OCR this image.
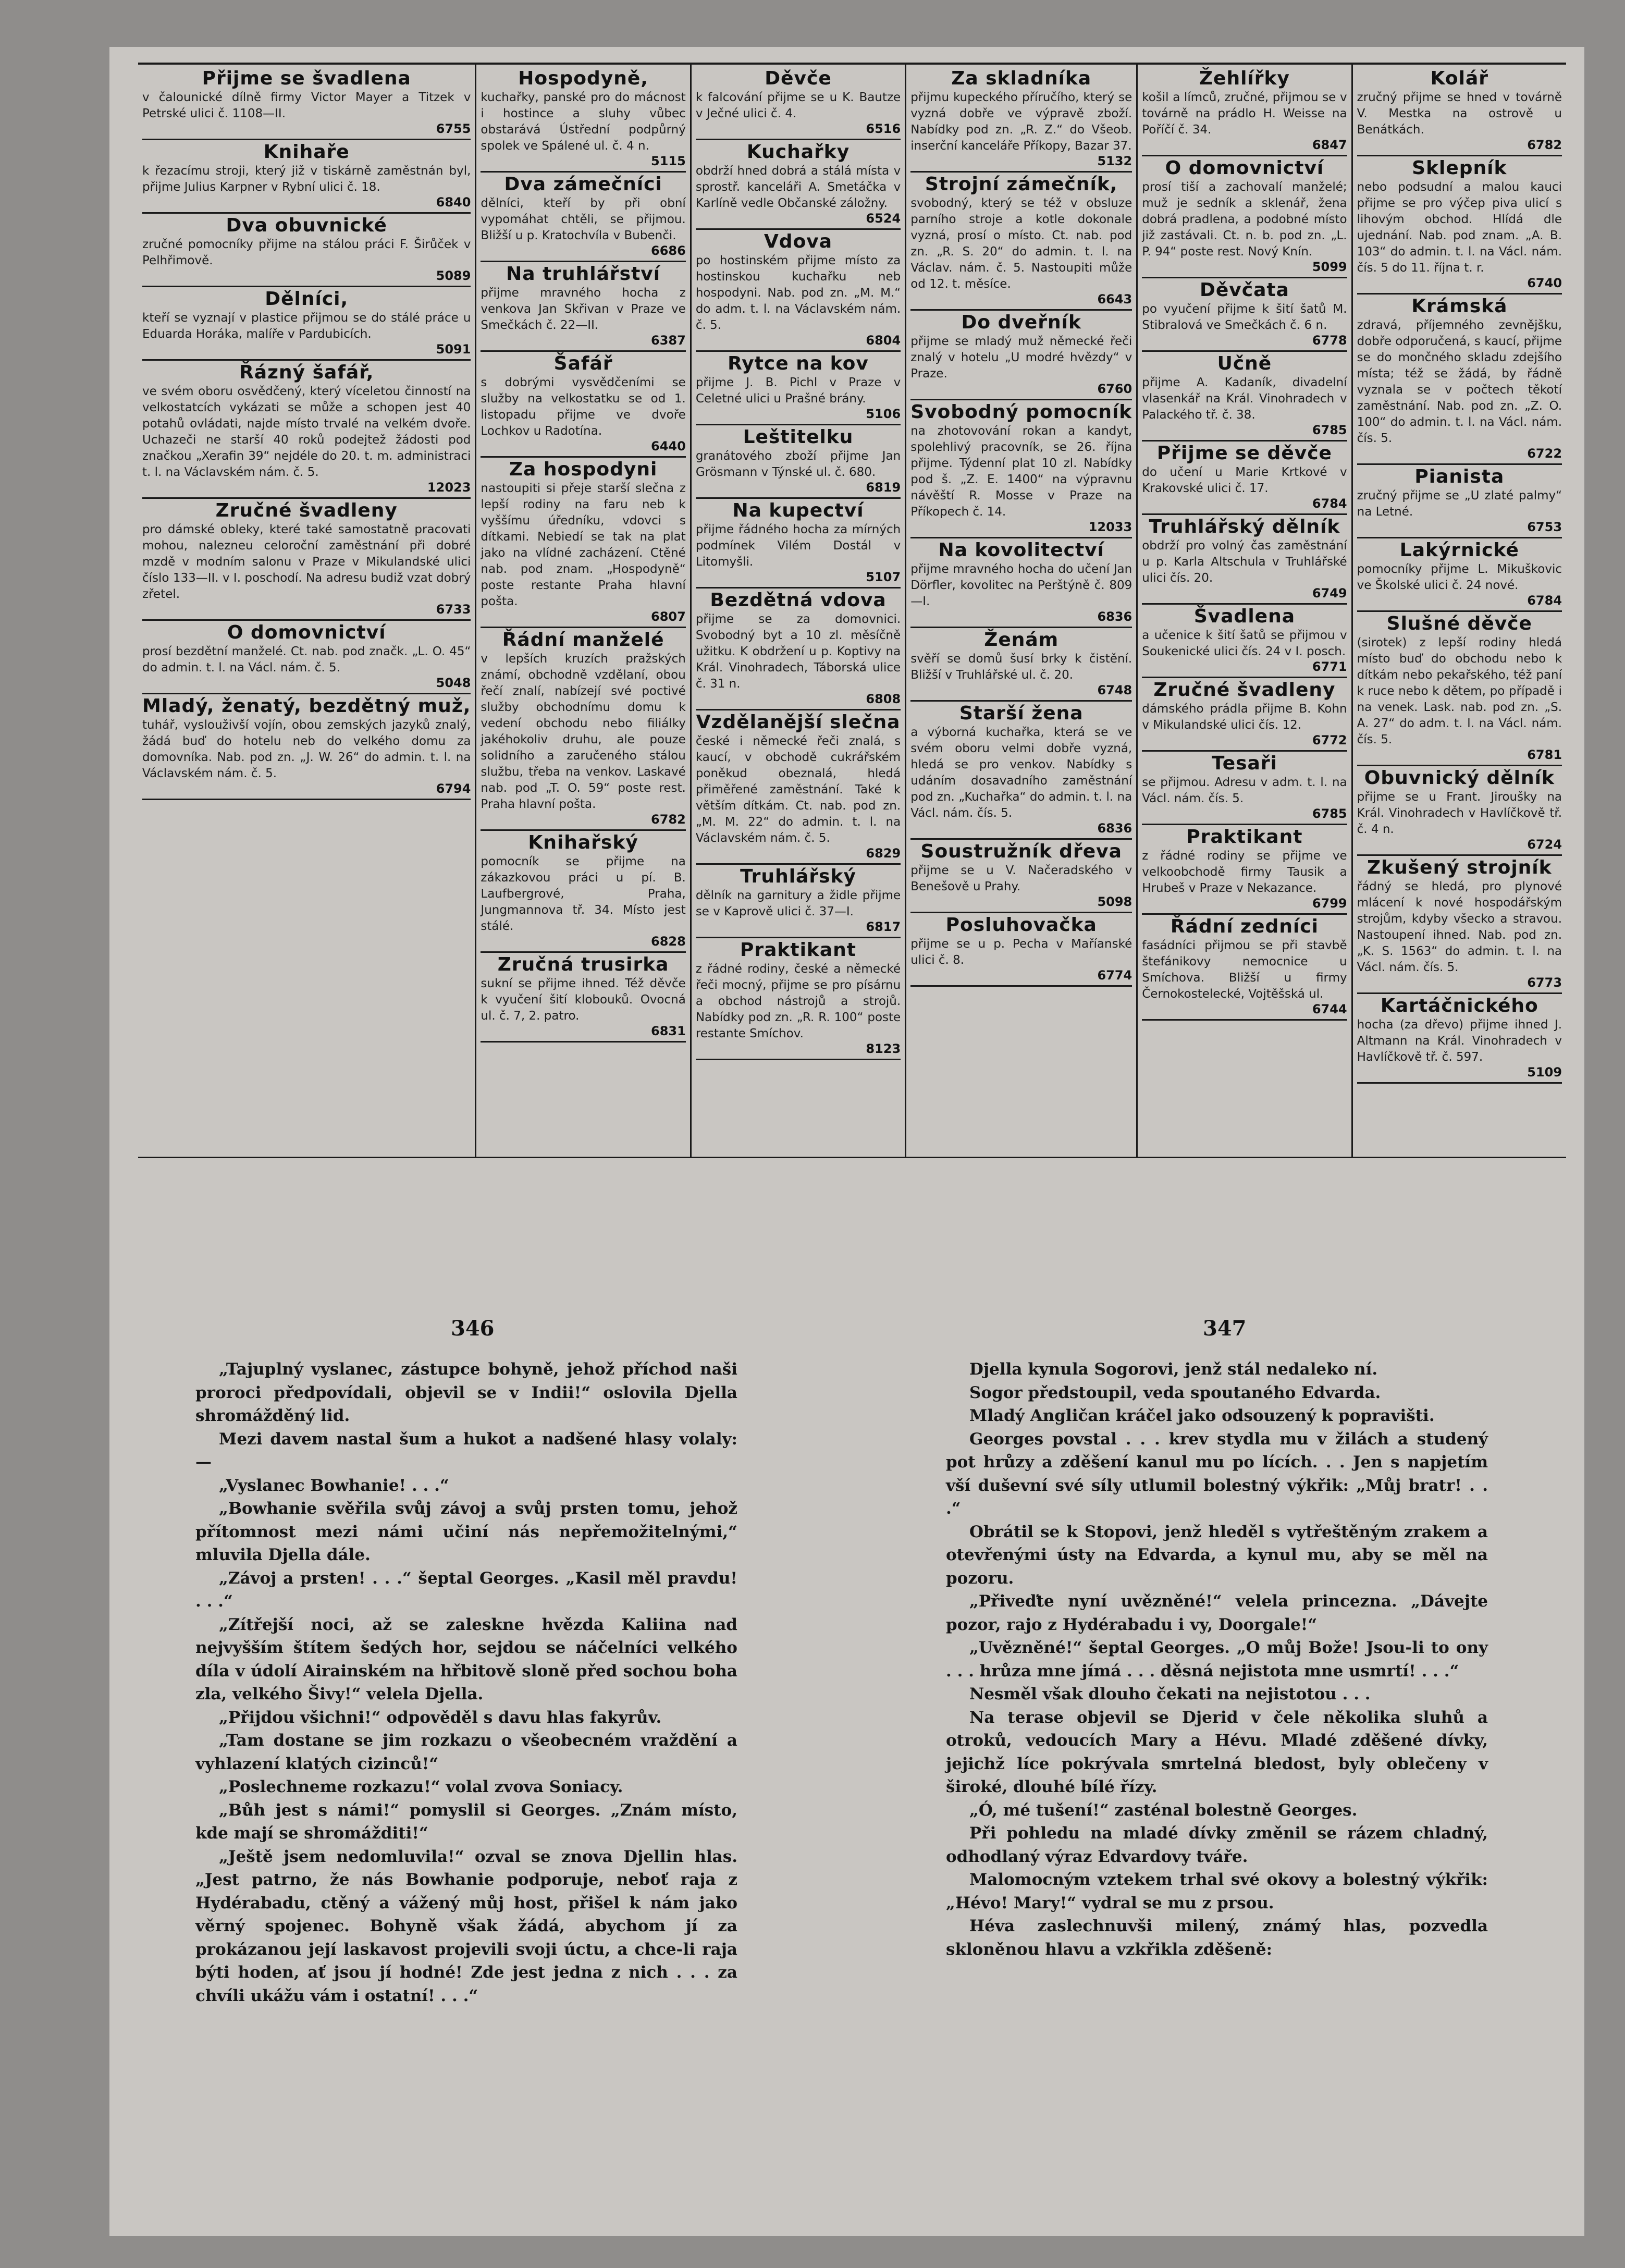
Přijme se švadlena

v čalounické dílně firmy Victor Mayer a Titzek v Petrské ulici č. 1108—II.

6755
Knihaře

k řezacímu stroji, který již v tiskárně zaměstnán byl, přijme Julius Karpner v Rybní ulici č. 18.

6840
Dva obuvnické

zručné pomocníky přijme na stálou práci F. Širůček v Pelhřimově.

5089
Dělníci,

kteří se vyznají v plastice přijmou se do stálé práce u Eduarda Horáka, malíře v Pardubicích.

5091
Řázný šafář,

ve svém oboru osvědčený, který víceletou činností na velkostatcích vykázati se může a schopen jest 40 potahů ovládati, najde místo trvalé na velkém dvoře. Uchazeči ne starší 40 roků podejtež žádosti pod značkou „Xerafin 39“ nejdéle do 20. t. m. administraci t. l. na Václavském nám. č. 5.

12023
Zručné švadleny

pro dámské obleky, které také samostatně pracovati mohou, nalezneu celoroční zaměstnání při dobré mzdě v modním salonu v Praze v Mikulandské ulici číslo 133—II. v I. poschodí. Na adresu budiž vzat dobrý zřetel.

6733
O domovnictví

prosí bezdětní manželé. Ct. nab. pod značk. „L. O. 45“ do admin. t. l. na Václ. nám. č. 5.

5048
Mladý, ženatý, bezdětný muž,

tuhář, vyslouživší vojín, obou zemských jazyků znalý, žádá buď do hotelu neb do velkého domu za domovníka. Nab. pod zn. „J. W. 26“ do admin. t. l. na Václavském nám. č. 5.

6794
Hospodyně,

kuchařky, panské pro do mácnost i hostince a sluhy vůbec obstarává Ústřední podpůrný spolek ve Spálené ul. č. 4 n.

5115
Dva zámečníci

dělníci, kteří by při obní vypomáhat chtěli, se přijmou. Bližší u p. Kratochvíla v Bubenči.

6686
Na truhlářství

přijme mravného hocha z venkova Jan Skřivan v Praze ve Smečkách č. 22—II.

6387
Šafář

s dobrými vysvědčeními se služby na velkostatku se od 1. listopadu přijme ve dvoře Lochkov u Radotína.

6440
Za hospodyni

nastoupiti si přeje starší slečna z lepší rodiny na faru neb k vyššímu úředníku, vdovci s dítkami. Nebiedí se tak na plat jako na vlídné zacházení. Ctěné nab. pod znam. „Hospodyně“ poste restante Praha hlavní pošta.

6807
Řádní manželé

v lepších kruzích pražských známí, obchodně vzdělaní, obou řečí znalí, nabízejí své poctivé služby obchodnímu domu k vedení obchodu nebo filiálky jakéhokoliv druhu, ale pouze solidního a zaručeného stálou službu, třeba na venkov. Laskavé nab. pod „T. O. 59“ poste rest. Praha hlavní pošta.

6782
Knihařský

pomocník se přijme na zákazkovou práci u pí. B. Laufbergrové, Praha, Jungmannova tř. 34. Místo jest stálé.

6828
Zručná trusirka

sukní se přijme ihned. Též děvče k vyučení šití klobouků. Ovocná ul. č. 7, 2. patro.

6831
Děvče

k falcování přijme se u K. Bautze v Ječné ulici č. 4.

6516
Kuchařky

obdrží hned dobrá a stálá místa v sprostř. kanceláři A. Smetáčka v Karlíně vedle Občanské záložny.

6524
Vdova

po hostinském přijme místo za hostinskou kuchařku neb hospodyni. Nab. pod zn. „M. M.“ do adm. t. l. na Václavském nám. č. 5.

6804
Rytce na kov

přijme J. B. Pichl v Praze v Celetné ulici u Prašné brány.

5106
Leštitelku

granátového zboží přijme Jan Grösmann v Týnské ul. č. 680.

6819
Na kupectví

přijme řádného hocha za mírných podmínek Vilém Dostál v Litomyšli.

5107
Bezdětná vdova

přijme se za domovnici. Svobodný byt a 10 zl. měsíčně užitku. K obdržení u p. Koptivy na Král. Vinohradech, Táborská ulice č. 31 n.

6808
Vzdělanější slečna

české i německé řeči znalá, s kaucí, v obchodě cukrářském poněkud obeznalá, hledá přiměřené zaměstnání. Také k větším dítkám. Ct. nab. pod zn. „M. M. 22“ do admin. t. l. na Václavském nám. č. 5.

6829
Truhlářský

dělník na garnitury a židle přijme se v Kaprově ulici č. 37—I.

6817
Praktikant

z řádné rodiny, české a německé řeči mocný, přijme se pro písárnu a obchod nástrojů a strojů. Nabídky pod zn. „R. R. 100“ poste restante Smíchov.

8123
Za skladníka

přijmu kupeckého příručího, který se vyzná dobře ve výpravě zboží. Nabídky pod zn. „R. Z.“ do Všeob. inserční kanceláře Příkopy, Bazar 37.

5132
Strojní zámečník,

svobodný, který se též v obsluze parního stroje a kotle dokonale vyzná, prosí o místo. Ct. nab. pod zn. „R. S. 20“ do admin. t. l. na Václav. nám. č. 5. Nastoupiti může od 12. t. měsíce.

6643
Do dveřník

přijme se mladý muž německé řeči znalý v hotelu „U modré hvězdy“ v Praze.

6760
Svobodný pomocník

na zhotovování rokan a kandyt, spolehlivý pracovník, se 26. října přijme. Týdenní plat 10 zl. Nabídky pod š. „Z. E. 1400“ na výpravnu návěští R. Mosse v Praze na Příkopech č. 14.

12033
Na kovolitectví

přijme mravného hocha do učení Jan Dörfler, kovolitec na Perštýně č. 809—I.

6836
Ženám

svěří se domů šusí brky k čistění. Bližší v Truhlářské ul. č. 20.

6748
Starší žena

a výborná kuchařka, která se ve svém oboru velmi dobře vyzná, hledá se pro venkov. Nabídky s udáním dosavadního zaměstnání pod zn. „Kuchařka“ do admin. t. l. na Václ. nám. čís. 5.

6836
Soustružník dřeva

přijme se u V. Načeradského v Benešově u Prahy.

5098
Posluhovačka

přijme se u p. Pecha v Maříanské ulici č. 8.

6774
Žehlířky

košil a límců, zručné, přijmou se v továrně na prádlo H. Weisse na Poříčí č. 34.

6847
O domovnictví

prosí tiší a zachovalí manželé; muž je sedník a sklenář, žena dobrá pradlena, a podobné místo již zastávali. Ct. n. b. pod zn. „L. P. 94“ poste rest. Nový Knín.

5099
Děvčata

po vyučení přijme k šití šatů M. Stibralová ve Smečkách č. 6 n.

6778
Učně

přijme A. Kadaník, divadelní vlasenkář na Král. Vinohradech v Palackého tř. č. 38.

6785
Přijme se děvče

do učení u Marie Krtkové v Krakovské ulici č. 17.

6784
Truhlářský dělník

obdrží pro volný čas zaměstnání u p. Karla Altschula v Truhlářské ulici čís. 20.

6749
Švadlena

a učenice k šití šatů se přijmou v Soukenické ulici čís. 24 v I. posch.

6771
Zručné švadleny

dámského prádla přijme B. Kohn v Mikulandské ulici čís. 12.

6772
Tesaři

se přijmou. Adresu v adm. t. l. na Václ. nám. čís. 5.

6785
Praktikant

z řádné rodiny se přijme ve velkoobchodě firmy Tausik a Hrubeš v Praze v Nekazance.

6799
Řádní zedníci

fasádníci přijmou se při stavbě štefánikovy nemocnice u Smíchova. Bližší u firmy Černokostelecké, Vojtěšská ul.

6744
Kolář

zručný přijme se hned v továrně V. Mestka na ostrově u Benátkách.

6782
Sklepník

nebo podsudní a malou kauci přijme se pro výčep piva ulicí s lihovým obchod. Hlídá dle ujednání. Nab. pod znam. „A. B. 103“ do admin. t. l. na Václ. nám. čís. 5 do 11. října t. r.

6740
Krámská

zdravá, příjemného zevnějšku, dobře odporučená, s kaucí, přijme se do mončného skladu zdejšího místa; též se žádá, by řádně vyznala se v počtech těkotí zaměstnání. Nab. pod zn. „Z. O. 100“ do admin. t. l. na Václ. nám. čís. 5.

6722
Pianista

zručný přijme se „U zlaté palmy“ na Letné.

6753
Lakýrnické

pomocníky přijme L. Mikuškovic ve Školské ulici č. 24 nové.

6784
Slušné děvče

(sirotek) z lepší rodiny hledá místo buď do obchodu nebo k dítkám nebo pekařského, též paní k ruce nebo k dětem, po případě i na venek. Lask. nab. pod zn. „S. A. 27“ do adm. t. l. na Václ. nám. čís. 5.

6781
Obuvnický dělník

přijme se u Frant. Jiroušky na Král. Vinohradech v Havlíčkově tř. č. 4 n.

6724
Zkušený strojník

řádný se hledá, pro plynové mlácení k nové hospodářským strojům, kdyby všecko a stravou. Nastoupení ihned. Nab. pod zn. „K. S. 1563“ do admin. t. l. na Václ. nám. čís. 5.

6773
Kartáčnického

hocha (za dřevo) přijme ihned J. Altmann na Král. Vinohradech v Havlíčkově tř. č. 597.

5109
346	347

„Tajuplný vyslanec, zástupce bohyně, jehož příchod naši proroci předpovídali, objevil se v Indii!“ oslovila Djella shromážděný lid.

Mezi davem nastal šum a hukot a nadšené hlasy volaly: —

„Vyslanec Bowhanie! . . .“

„Bowhanie svěřila svůj závoj a svůj prsten tomu, jehož přítomnost mezi námi učiní nás nepřemožitelnými,“ mluvila Djella dále.

„Závoj a prsten! . . .“ šeptal Georges. „Kasil měl pravdu! . . .“

„Zítřejší noci, až se zaleskne hvězda Kaliina nad nejvyšším štítem šedých hor, sejdou se náčelníci velkého díla v údolí Airainském na hřbitově sloně před sochou boha zla, velkého Šivy!“ velela Djella.

„Přijdou všichni!“ odpověděl s davu hlas fakyrův.

„Tam dostane se jim rozkazu o všeobecném vraždění a vyhlazení klatých cizinců!“

„Poslechneme rozkazu!“ volal zvova Soniacy.

„Bůh jest s námi!“ pomyslil si Georges. „Znám místo, kde mají se shromážditi!“

„Ještě jsem nedomluvila!“ ozval se znova Djellin hlas. „Jest patrno, že nás Bowhanie podporuje, neboť raja z Hydérabadu, ctěný a vážený můj host, přišel k nám jako věrný spojenec. Bohyně však žádá, abychom jí za prokázanou její laskavost projevili svoji úctu, a chce-li raja býti hoden, ať jsou jí hodné! Zde jest jedna z nich . . . za chvíli ukážu vám i ostatní! . . .“

Djella kynula Sogorovi, jenž stál nedaleko ní.

Sogor předstoupil, veda spoutaného Edvarda.

Mladý Angličan kráčel jako odsouzený k popravišti.

Georges povstal . . . krev stydla mu v žilách a studený pot hrůzy a zděšení kanul mu po lících. . . Jen s napjetím vší duševní své síly utlumil bolestný výkřik: „Můj bratr! . . .“

Obrátil se k Stopovi, jenž hleděl s vytřeštěným zrakem a otevřenými ústy na Edvarda, a kynul mu, aby se měl na pozoru.

„Přiveďte nyní uvězněné!“ velela princezna. „Dávejte pozor, rajo z Hydérabadu i vy, Doorgale!“

„Uvězněné!“ šeptal Georges. „O můj Bože! Jsou-li to ony . . . hrůza mne jímá . . . děsná nejistota mne usmrtí! . . .“

Nesměl však dlouho čekati na nejistotou . . .

Na terase objevil se Djerid v čele několika sluhů a otroků, vedoucích Mary a Hévu. Mladé zděšené dívky, jejichž líce pokrývala smrtelná bledost, byly oblečeny v široké, dlouhé bílé řízy.

„Ó, mé tušení!“ zasténal bolestně Georges.

Při pohledu na mladé dívky změnil se rázem chladný, odhodlaný výraz Edvardovy tváře.

Malomocným vztekem trhal své okovy a bolestný výkřik: „Hévo! Mary!“ vydral se mu z prsou.

Héva zaslechnuvši milený, známý hlas, pozvedla skloněnou hlavu a vzkřikla zděšeně:
